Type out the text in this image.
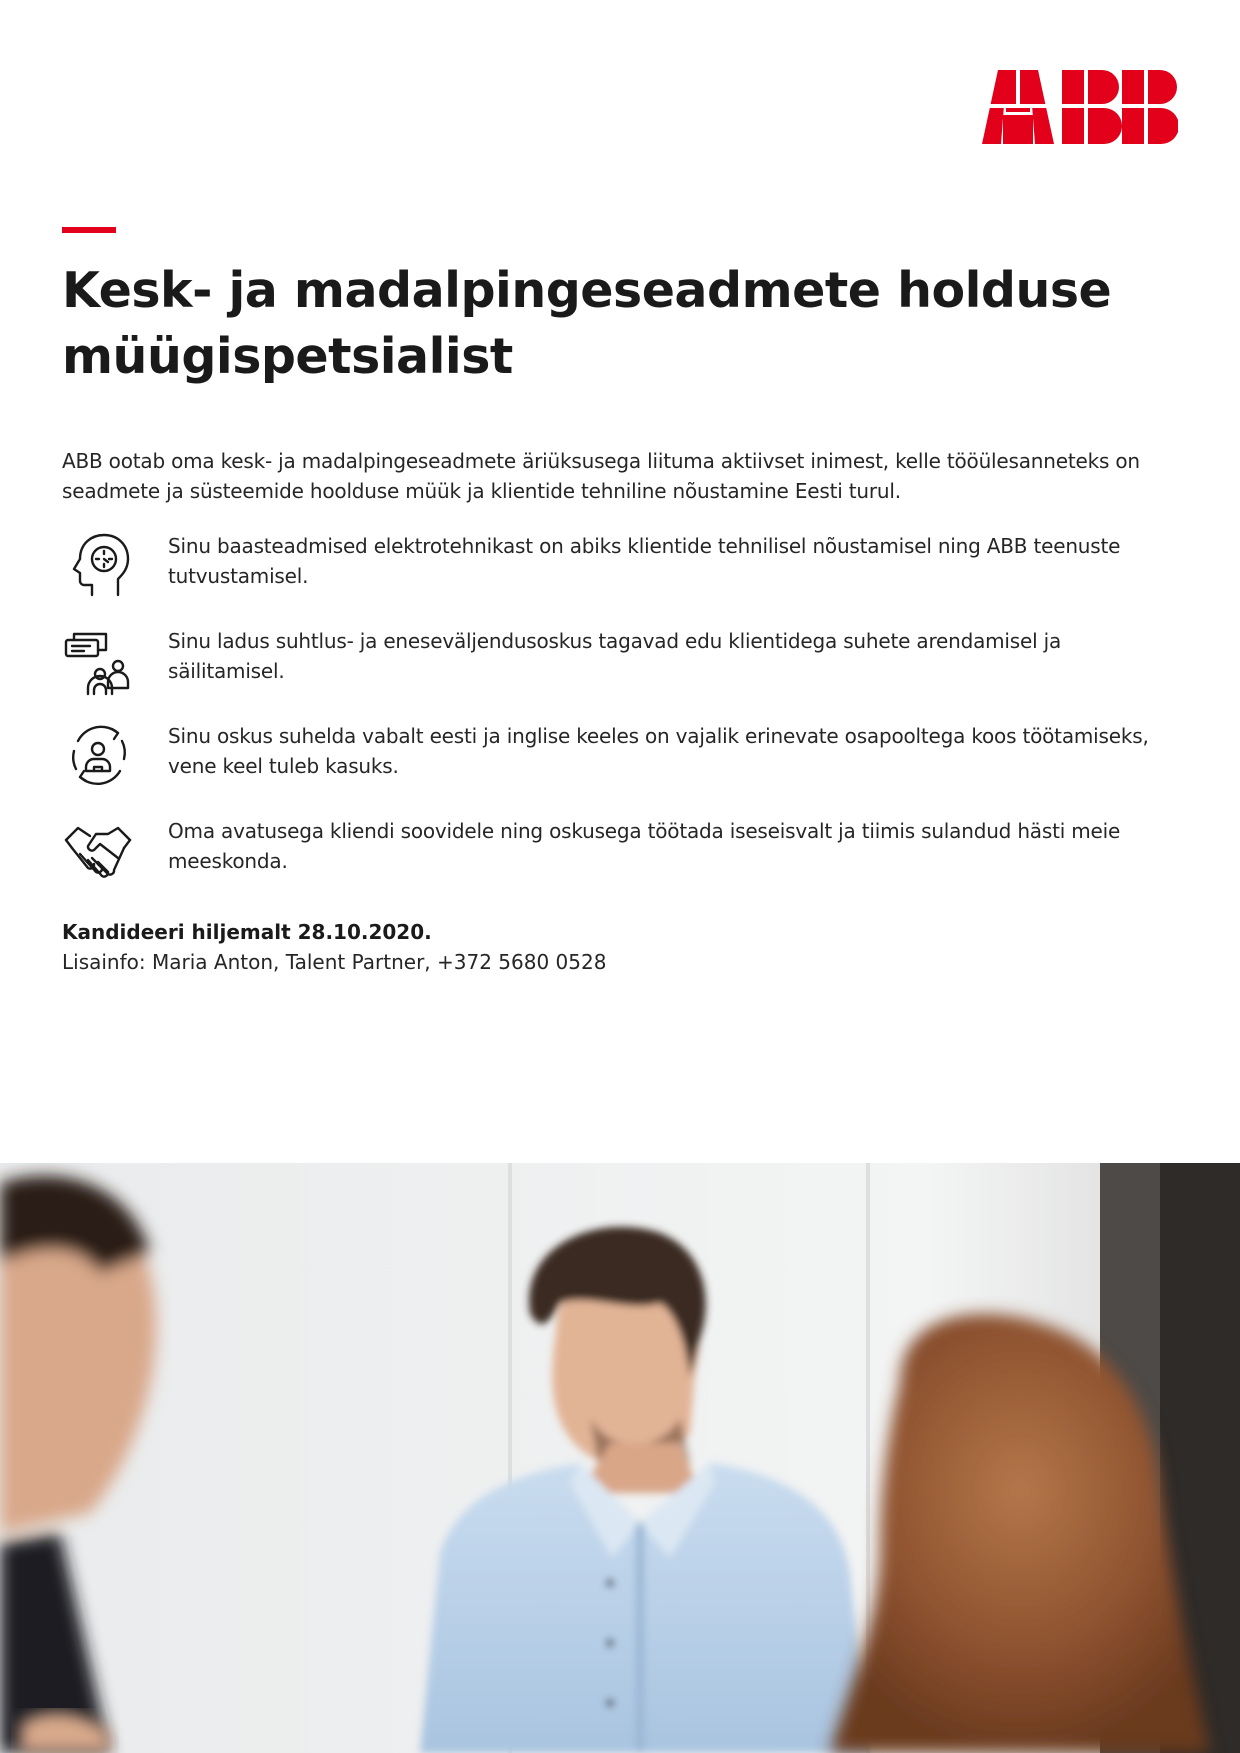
Kesk- ja madalpingeseadmete holduse
müügispetsialist

ABB ootab oma kesk- ja madalpingeseadmete äriüksusega liituma aktiivset inimest, kelle tööülesanneteks on seadmete ja süsteemide hoolduse müük ja klientide tehniline nõustamine Eesti turul.

Sinu baasteadmised elektrotehnikast on abiks klientide tehnilisel nõustamisel ning ABB teenuste tutvustamisel.

Sinu ladus suhtlus- ja eneseväljendusoskus tagavad edu klientidega suhete arendamisel ja säilitamisel.

Sinu oskus suhelda vabalt eesti ja inglise keeles on vajalik erinevate osapooltega koos töötamiseks, vene keel tuleb kasuks.

Oma avatusega kliendi soovidele ning oskusega töötada iseseisvalt ja tiimis sulandud hästi meie meeskonda.

Kandideeri hiljemalt 28.10.2020.
Lisainfo: Maria Anton, Talent Partner, +372 5680 0528
